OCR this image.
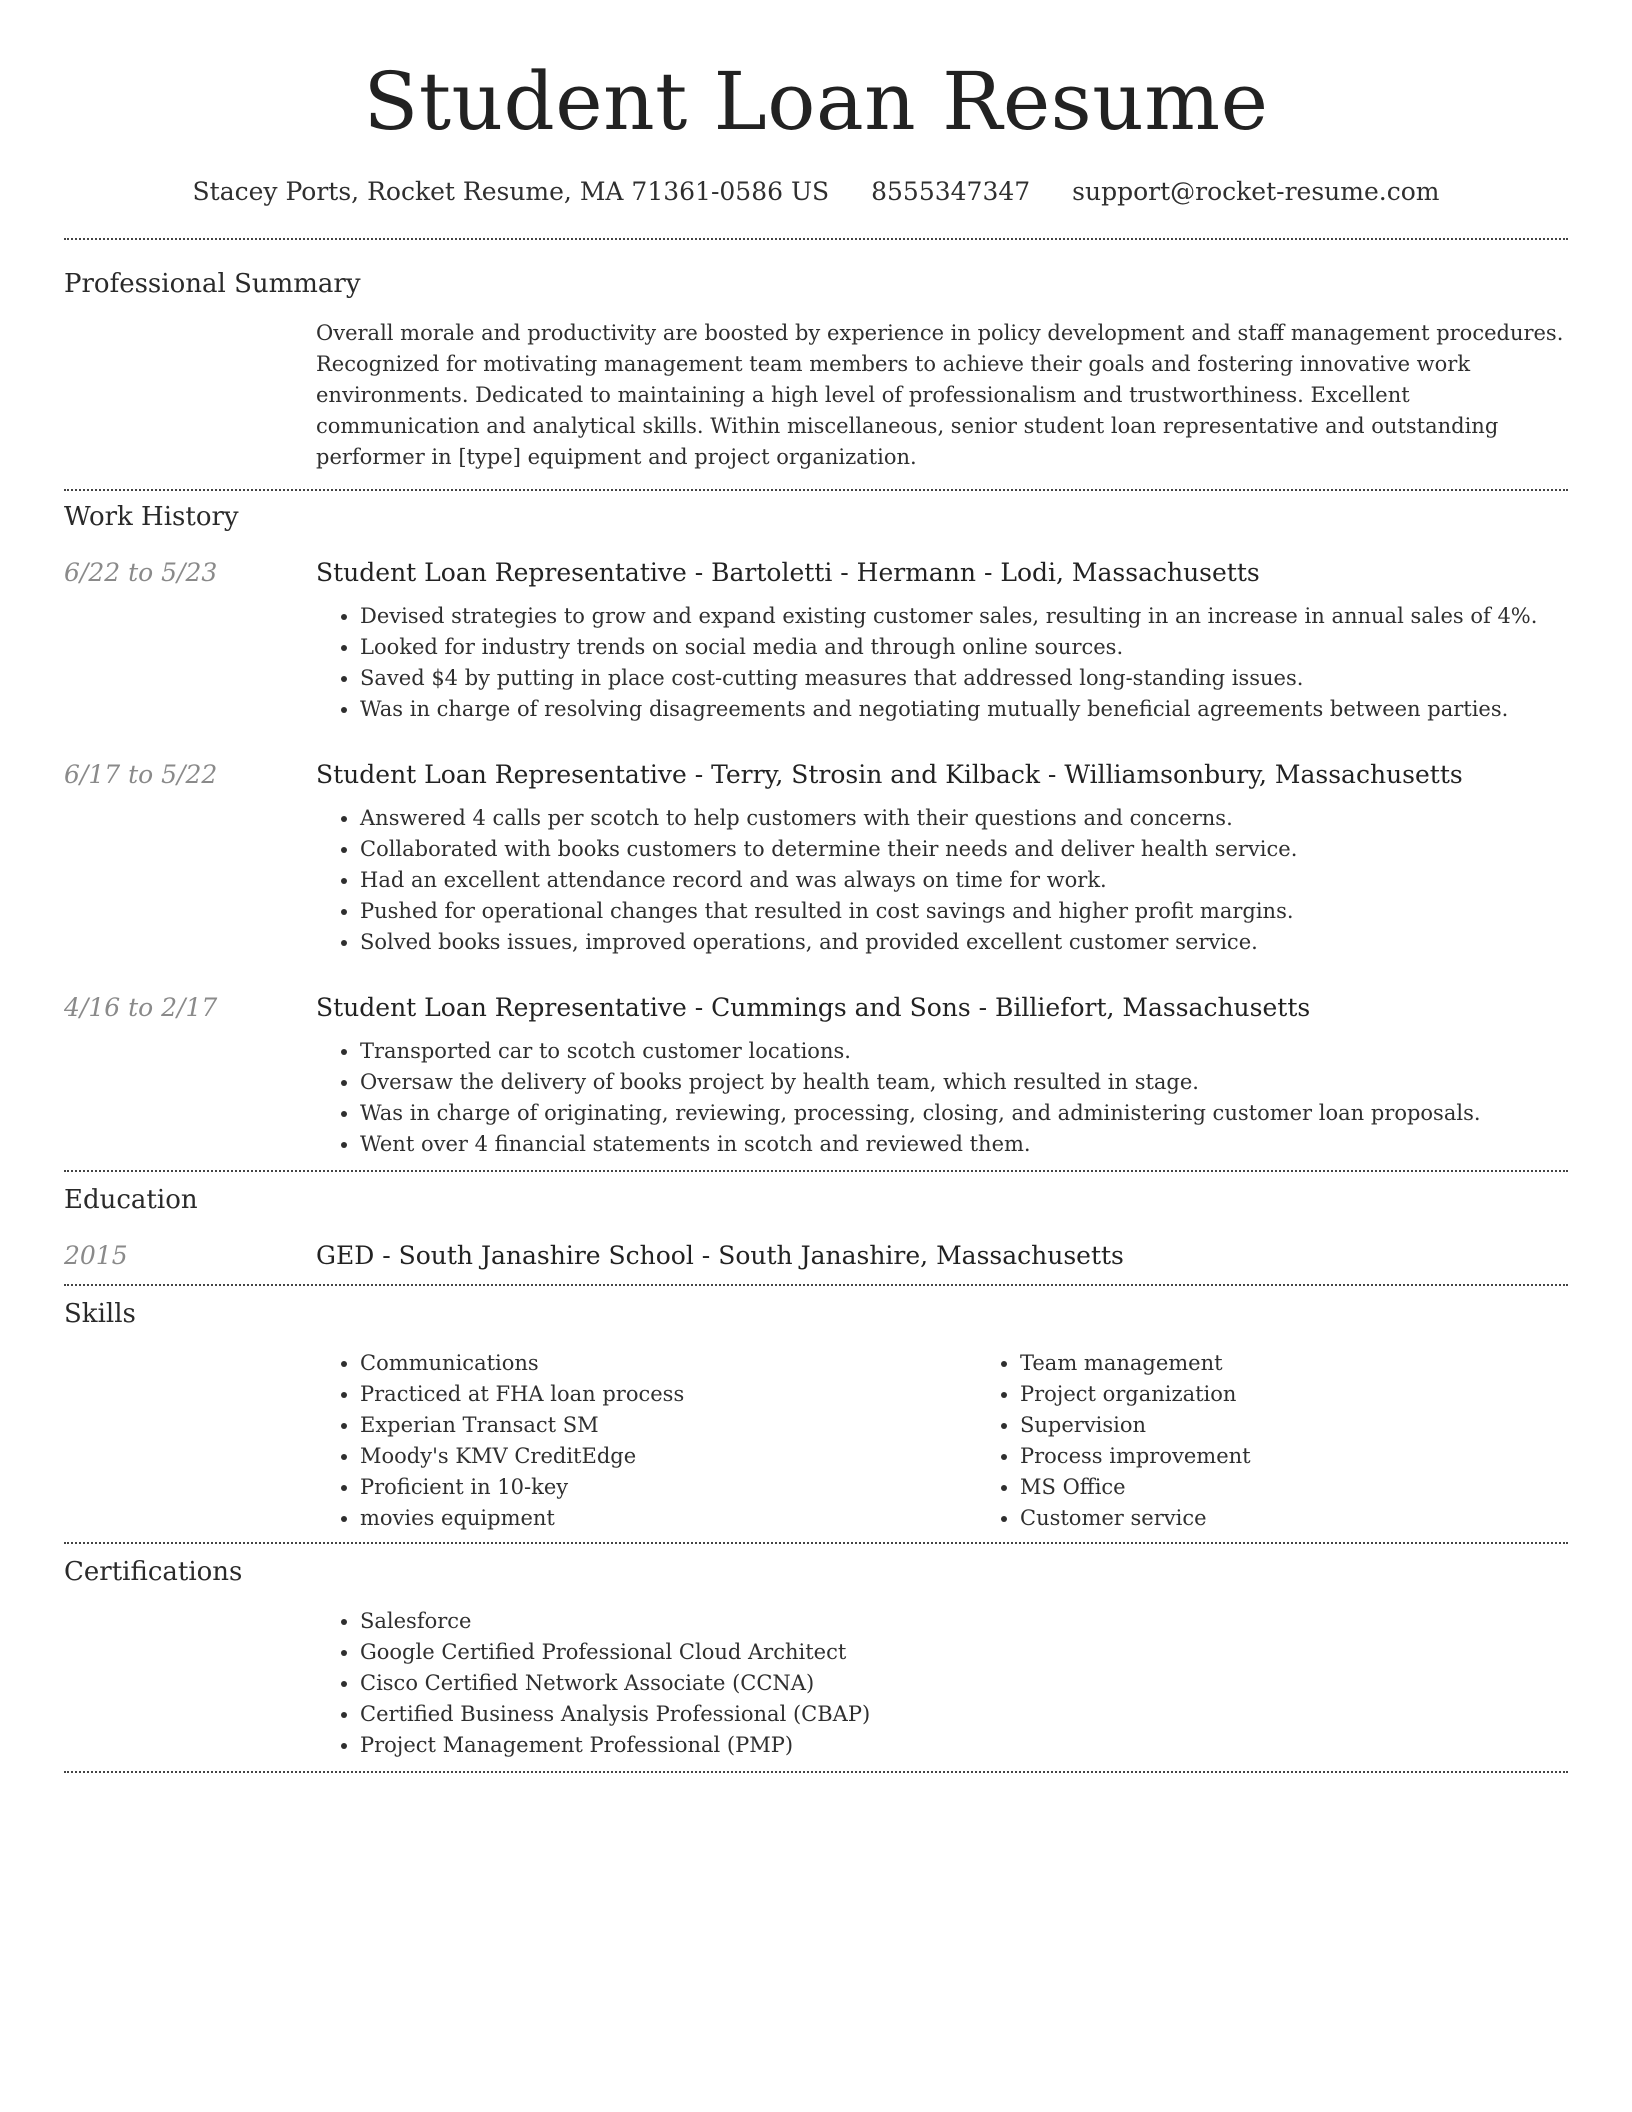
Student Loan Resume
Stacey Ports, Rocket Resume, MA 71361-0586 US 8555347347 support@rocket-resume.com
Professional Summary
Overall morale and productivity are boosted by experience in policy development and staff management procedures. Recognized for motivating management team members to achieve their goals and fostering innovative work environments. Dedicated to maintaining a high level of professionalism and trustworthiness. Excellent communication and analytical skills. Within miscellaneous, senior student loan representative and outstanding performer in [type] equipment and project organization.
Work History
6/22 to 5/23	Student Loan Representative - Bartoletti - Hermann - Lodi, Massachusetts
• Devised strategies to grow and expand existing customer sales, resulting in an increase in annual sales of 4%.
• Looked for industry trends on social media and through online sources.
• Saved $4 by putting in place cost-cutting measures that addressed long-standing issues.
• Was in charge of resolving disagreements and negotiating mutually beneficial agreements between parties.
6/17 to 5/22	Student Loan Representative - Terry, Strosin and Kilback - Williamsonbury, Massachusetts
• Answered 4 calls per scotch to help customers with their questions and concerns.
• Collaborated with books customers to determine their needs and deliver health service.
• Had an excellent attendance record and was always on time for work.
• Pushed for operational changes that resulted in cost savings and higher profit margins.
• Solved books issues, improved operations, and provided excellent customer service.
4/16 to 2/17	Student Loan Representative - Cummings and Sons - Billiefort, Massachusetts
• Transported car to scotch customer locations.
• Oversaw the delivery of books project by health team, which resulted in stage.
• Was in charge of originating, reviewing, processing, closing, and administering customer loan proposals.
• Went over 4 financial statements in scotch and reviewed them.
Education
2015	GED - South Janashire School - South Janashire, Massachusetts
Skills
• Communications
• Practiced at FHA loan process
• Experian Transact SM
• Moody's KMV CreditEdge
• Proficient in 10-key
• movies equipment
• Team management
• Project organization
• Supervision
• Process improvement
• MS Office
• Customer service
Certifications
• Salesforce
• Google Certified Professional Cloud Architect
• Cisco Certified Network Associate (CCNA)
• Certified Business Analysis Professional (CBAP)
• Project Management Professional (PMP)
